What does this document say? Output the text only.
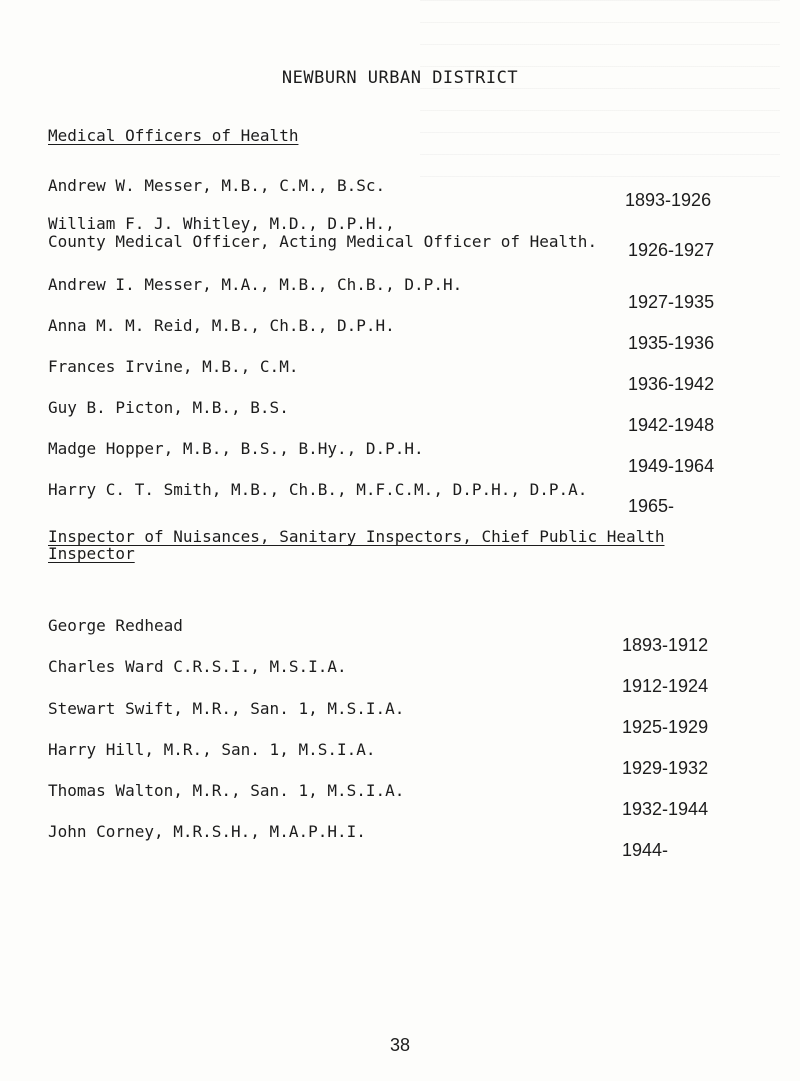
NEWBURN URBAN DISTRICT
Medical Officers of Health
Andrew W. Messer, M.B., C.M., B.Sc.
William F. J. Whitley, M.D., D.P.H.,
County Medical Officer, Acting Medical Officer of Health.
Andrew I. Messer, M.A., M.B., Ch.B., D.P.H.
Anna M. M. Reid, M.B., Ch.B., D.P.H.
Frances Irvine, M.B., C.M.
Guy B. Picton, M.B., B.S.
Madge Hopper, M.B., B.S., B.Hy., D.P.H.
Harry C. T. Smith, M.B., Ch.B., M.F.C.M., D.P.H., D.P.A.
1893-1926
1926-1927
1927-1935
1935-1936
1936-1942
1942-1948
1949-1964
1965-
Inspector of Nuisances, Sanitary Inspectors, Chief Public Health Inspector
George Redhead
Charles Ward C.R.S.I., M.S.I.A.
Stewart Swift, M.R., San. 1, M.S.I.A.
Harry Hill, M.R., San. 1, M.S.I.A.
Thomas Walton, M.R., San. 1, M.S.I.A.
John Corney, M.R.S.H., M.A.P.H.I.
1893-1912
1912-1924
1925-1929
1929-1932
1932-1944
1944-
38
